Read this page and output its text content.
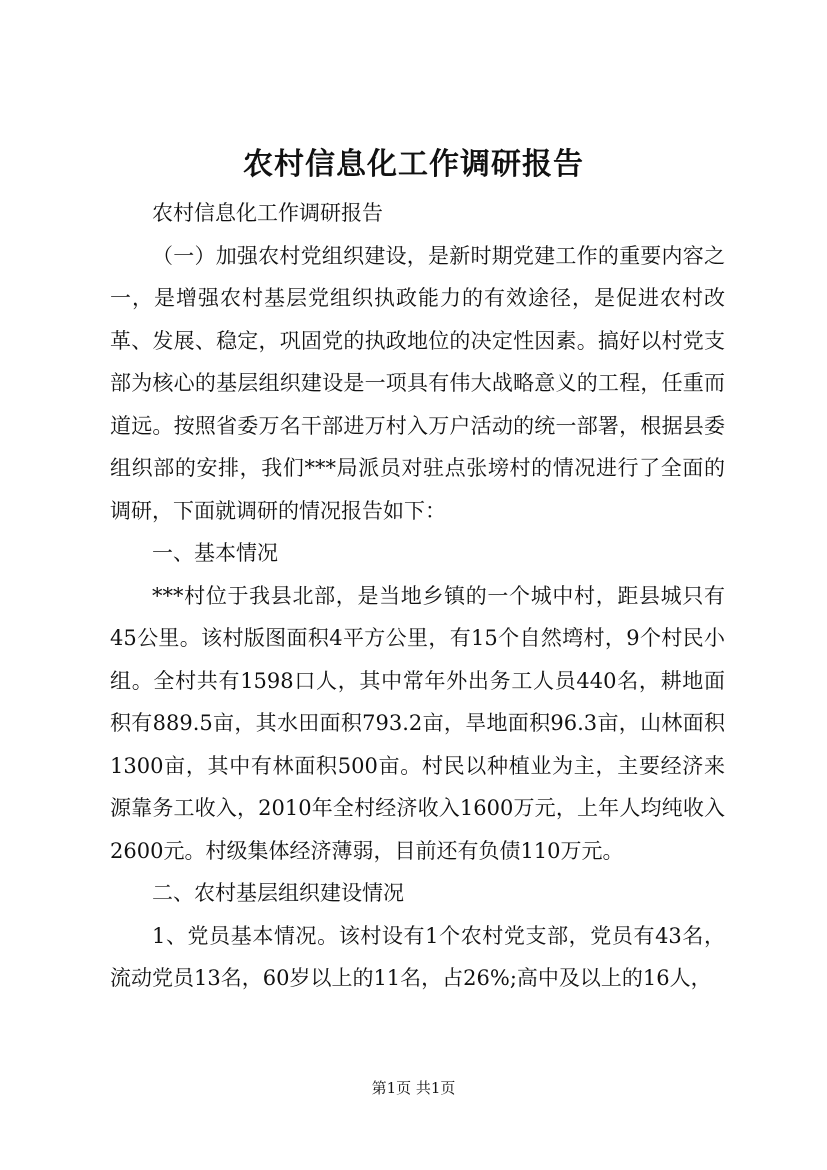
农村信息化工作调研报告

农村信息化工作调研报告

（一）加强农村党组织建设，是新时期党建工作的重要内容之一，是增强农村基层党组织执政能力的有效途径，是促进农村改革、发展、稳定，巩固党的执政地位的决定性因素。搞好以村党支部为核心的基层组织建设是一项具有伟大战略意义的工程，任重而道远。按照省委万名干部进万村入万户活动的统一部署，根据县委组织部的安排，我们***局派员对驻点张塝村的情况进行了全面的调研，下面就调研的情况报告如下：

一、基本情况

***村位于我县北部，是当地乡镇的一个城中村，距县城只有45公里。该村版图面积4平方公里，有15个自然塆村，9个村民小组。全村共有1598口人，其中常年外出务工人员440名，耕地面积有889.5亩，其水田面积793.2亩，旱地面积96.3亩，山林面积1300亩，其中有林面积500亩。村民以种植业为主，主要经济来源靠务工收入，2010年全村经济收入1600万元，上年人均纯收入2600元。村级集体经济薄弱，目前还有负债110万元。

二、农村基层组织建设情况

1、党员基本情况。该村设有1个农村党支部，党员有43名，流动党员13名，60岁以上的11名，占26%;高中及以上的16人，

第1页 共1页
